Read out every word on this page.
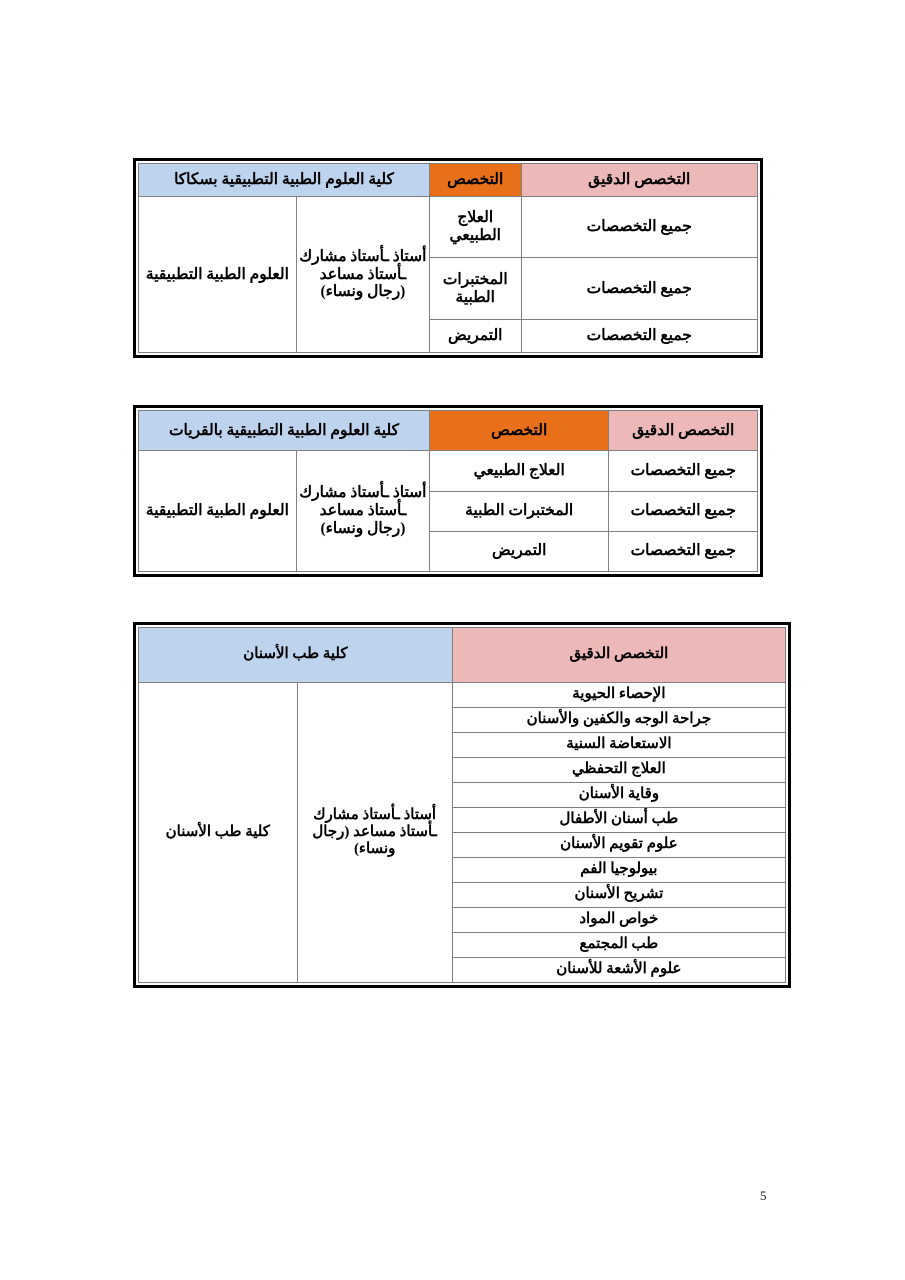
التخصص الدقيق	التخصص	كلية العلوم الطبية التطبيقية بسكاكا	
جميع التخصصات	العلاج الطبيعي	أستاذ ـأستاذ مشارك ـأستاذ مساعد (رجال ونساء)	العلوم الطبية التطبيقية
جميع التخصصات	المختبرات الطبية		
جميع التخصصات	التمريض		
التخصص الدقيق	التخصص	كلية العلوم الطبية التطبيقية بالقريات	
جميع التخصصات	العلاج الطبيعي	أستاذ ـأستاذ مشارك ـأستاذ مساعد (رجال ونساء)	العلوم الطبية التطبيقية
جميع التخصصات	المختبرات الطبية		
جميع التخصصات	التمريض		
التخصص الدقيق	كلية طب الأسنان	
الإحصاء الحيوية	أستاذ ـأستاذ مشارك ـأستاذ مساعد (رجال ونساء)	كلية طب الأسنان
جراحة الوجه والكفين والأسنان		
الاستعاضة السنية		
العلاج التحفظي		
وقاية الأسنان		
طب أسنان الأطفال		
علوم تقويم الأسنان		
بيولوجيا الفم		
تشريح الأسنان		
خواص المواد		
طب المجتمع		
علوم الأشعة للأسنان		
5
